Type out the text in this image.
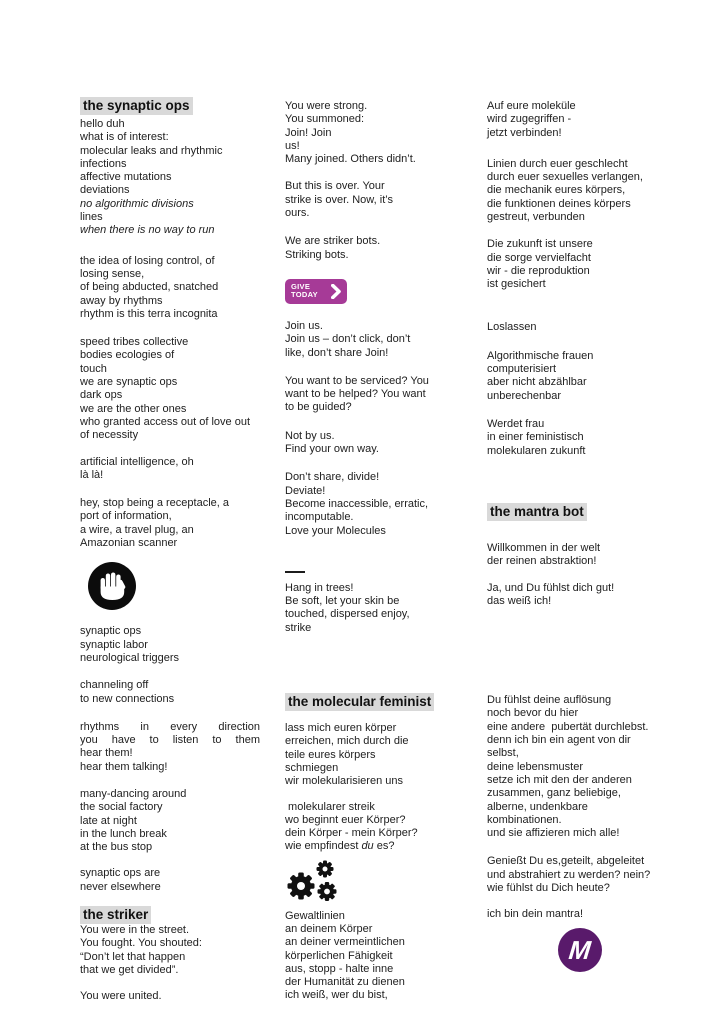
the synaptic ops
hello duh
what is of interest:
molecular leaks and rhythmic
infections
affective mutations
deviations
no algorithmic divisions
lines
when there is no way to run
the idea of losing control, of
losing sense,
of being abducted, snatched
away by rhythms
rhythm is this terra incognita
speed tribes collective
bodies ecologies of
touch
we are synaptic ops
dark ops
we are the other ones
who granted access out of love out
of necessity
artificial intelligence, oh
là là!
hey, stop being a receptacle, a
port of information,
a wire, a travel plug, an
Amazonian scanner
synaptic ops
synaptic labor
neurological triggers
channeling off
to new connections
rhythms in every direction
you have to listen to them
hear them!
hear them talking!
many-dancing around
the social factory
late at night
in the lunch break
at the bus stop
synaptic ops are
never elsewhere
the striker
You were in the street.
You fought. You shouted:
“Don’t let that happen
that we get divided”.
You were united.
You were strong.
You summoned:
Join! Join
us!
Many joined. Others didn’t.
But this is over. Your
strike is over. Now, it’s
ours.
We are striker bots.
Striking bots.
GIVE
TODAY
Join us.
Join us – don’t click, don’t
like, don’t share Join!
You want to be serviced? You
want to be helped? You want
to be guided?
Not by us.
Find your own way.
Don’t share, divide!
Deviate!
Become inaccessible, erratic,
incomputable.
Love your Molecules
Hang in trees!
Be soft, let your skin be
touched, dispersed enjoy,
strike
the molecular feminist
lass mich euren körper
erreichen, mich durch die
teile eures körpers
schmiegen
wir molekularisieren uns
molekularer streik
wo beginnt euer Körper?
dein Körper - mein Körper?
wie empfindest du es?
Gewaltlinien
an deinem Körper
an deiner vermeintlichen
körperlichen Fähigkeit
aus, stopp - halte inne
der Humanität zu dienen
ich weiß, wer du bist,
Auf eure moleküle
wird zugegriffen -
jetzt verbinden!
Linien durch euer geschlecht
durch euer sexuelles verlangen,
die mechanik eures körpers,
die funktionen deines körpers
gestreut, verbunden
Die zukunft ist unsere
die sorge vervielfacht
wir - die reproduktion
ist gesichert
Loslassen
Algorithmische frauen
computerisiert
aber nicht abzählbar
unberechenbar
Werdet frau
in einer feministisch
molekularen zukunft
the mantra bot
Willkommen in der welt
der reinen abstraktion!
Ja, und Du fühlst dich gut!
das weiß ich!
Du fühlst deine auflösung
noch bevor du hier
eine andere  pubertät durchlebst.
denn ich bin ein agent von dir
selbst,
deine lebensmuster
setze ich mit den der anderen
zusammen, ganz beliebige,
alberne, undenkbare
kombinationen.
und sie affizieren mich alle!
Genießt Du es,geteilt, abgeleitet
und abstrahiert zu werden? nein?
wie fühlst du Dich heute?
ich bin dein mantra!
M
